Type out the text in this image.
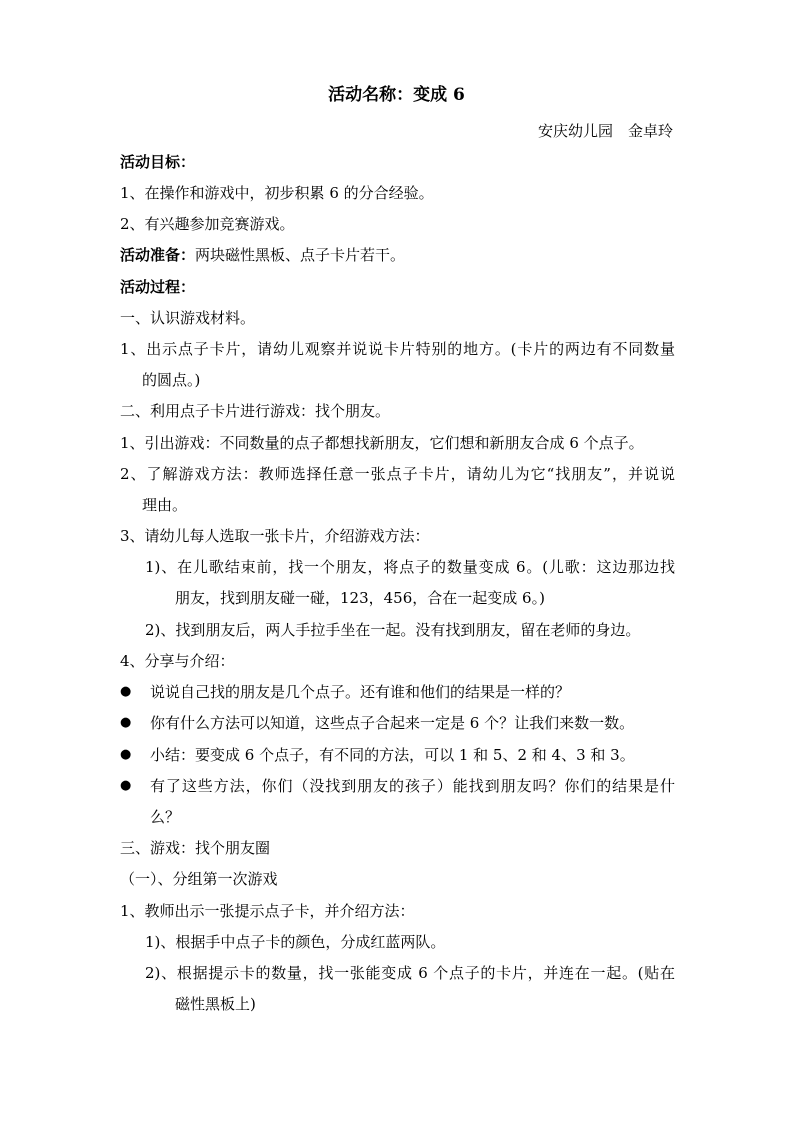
活动名称：变成 6
安庆幼儿园　金卓玲
活动目标：
1、在操作和游戏中，初步积累 6 的分合经验。
2、有兴趣参加竞赛游戏。
活动准备：两块磁性黑板、点子卡片若干。
活动过程：
一、认识游戏材料。
1、出示点子卡片，请幼儿观察并说说卡片特别的地方。(卡片的两边有不同数量
的圆点。)
二、利用点子卡片进行游戏：找个朋友。
1、引出游戏：不同数量的点子都想找新朋友，它们想和新朋友合成 6 个点子。
2、了解游戏方法：教师选择任意一张点子卡片，请幼儿为它“找朋友”，并说说
理由。
3、请幼儿每人选取一张卡片，介绍游戏方法：
1)、在儿歌结束前，找一个朋友，将点子的数量变成 6。(儿歌：这边那边找
朋友，找到朋友碰一碰，123，456，合在一起变成 6。)
2)、找到朋友后，两人手拉手坐在一起。没有找到朋友，留在老师的身边。
4、分享与介绍：
● 说说自己找的朋友是几个点子。还有谁和他们的结果是一样的？
● 你有什么方法可以知道，这些点子合起来一定是 6 个？让我们来数一数。
● 小结：要变成 6 个点子，有不同的方法，可以 1 和 5、2 和 4、3 和 3。
● 有了这些方法，你们（没找到朋友的孩子）能找到朋友吗？你们的结果是什
么？
三、游戏：找个朋友圈
（一）、分组第一次游戏
1、教师出示一张提示点子卡，并介绍方法：
1)、根据手中点子卡的颜色，分成红蓝两队。
2)、根据提示卡的数量，找一张能变成 6 个点子的卡片，并连在一起。(贴在
磁性黑板上)
